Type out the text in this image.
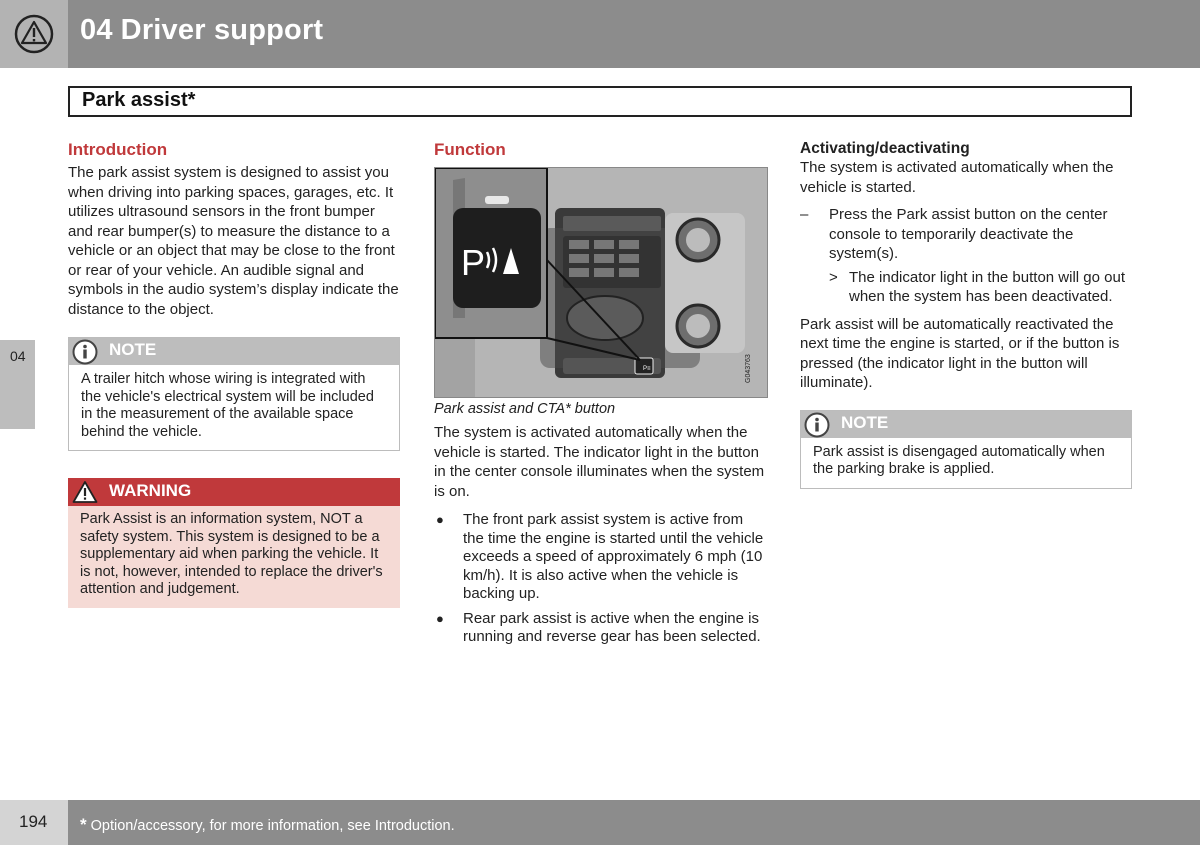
04 Driver support
Park assist*
04
Introduction

The park assist system is designed to assist you when driving into parking spaces, garages, etc. It utilizes ultrasound sensors in the front bumper and rear bumper(s) to measure the distance to a vehicle or an object that may be close to the front or rear of your vehicle. An audible signal and symbols in the audio system’s display indicate the distance to the object.

NOTE
A trailer hitch whose wiring is integrated with the vehicle's electrical system will be included in the measurement of the available space behind the vehicle.
WARNING
Park Assist is an information system, NOT a safety system. This system is designed to be a supplementary aid when parking the vehicle. It is not, however, intended to replace the driver's attention and judgement.
Function
P
P≡	G043763
Park assist and CTA* button

The system is activated automatically when the vehicle is started. The indicator light in the button in the center console illuminates when the system is on.

● The front park assist system is active from the time the engine is started until the vehicle exceeds a speed of approximately 6 mph (10 km/h). It is also active when the vehicle is backing up.
● Rear park assist is active when the engine is running and reverse gear has been selected.
Activating/deactivating

The system is activated automatically when the vehicle is started.

– Press the Park assist button on the center console to temporarily deactivate the system(s).
> The indicator light in the button will go out when the system has been deactivated.

Park assist will be automatically reactivated the next time the engine is started, or if the button is pressed (the indicator light in the button will illuminate).

NOTE
Park assist is disengaged automatically when the parking brake is applied.
194 * Option/accessory, for more information, see Introduction.
